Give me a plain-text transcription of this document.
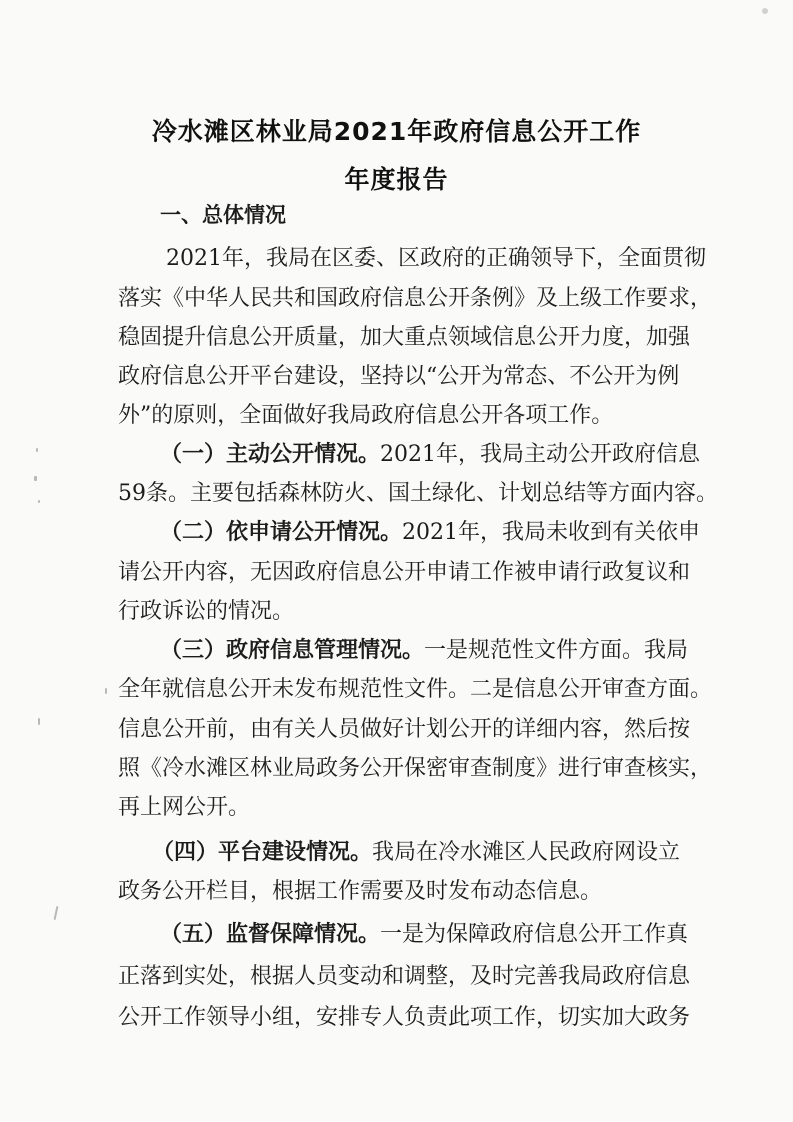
冷水滩区林业局2021年政府信息公开工作
年度报告
一、总体情况
2021年，我局在区委、区政府的正确领导下，全面贯彻
落实《中华人民共和国政府信息公开条例》及上级工作要求，
稳固提升信息公开质量，加大重点领域信息公开力度，加强
政府信息公开平台建设，坚持以“公开为常态、不公开为例
外”的原则，全面做好我局政府信息公开各项工作。
（一）主动公开情况。2021年，我局主动公开政府信息
59条。主要包括森林防火、国土绿化、计划总结等方面内容。
（二）依申请公开情况。2021年，我局未收到有关依申
请公开内容，无因政府信息公开申请工作被申请行政复议和
行政诉讼的情况。
（三）政府信息管理情况。一是规范性文件方面。我局
全年就信息公开未发布规范性文件。二是信息公开审查方面。
信息公开前，由有关人员做好计划公开的详细内容，然后按
照《冷水滩区林业局政务公开保密审查制度》进行审查核实，
再上网公开。
（四）平台建设情况。我局在冷水滩区人民政府网设立
政务公开栏目，根据工作需要及时发布动态信息。
（五）监督保障情况。一是为保障政府信息公开工作真
正落到实处，根据人员变动和调整，及时完善我局政府信息
公开工作领导小组，安排专人负责此项工作，切实加大政务
